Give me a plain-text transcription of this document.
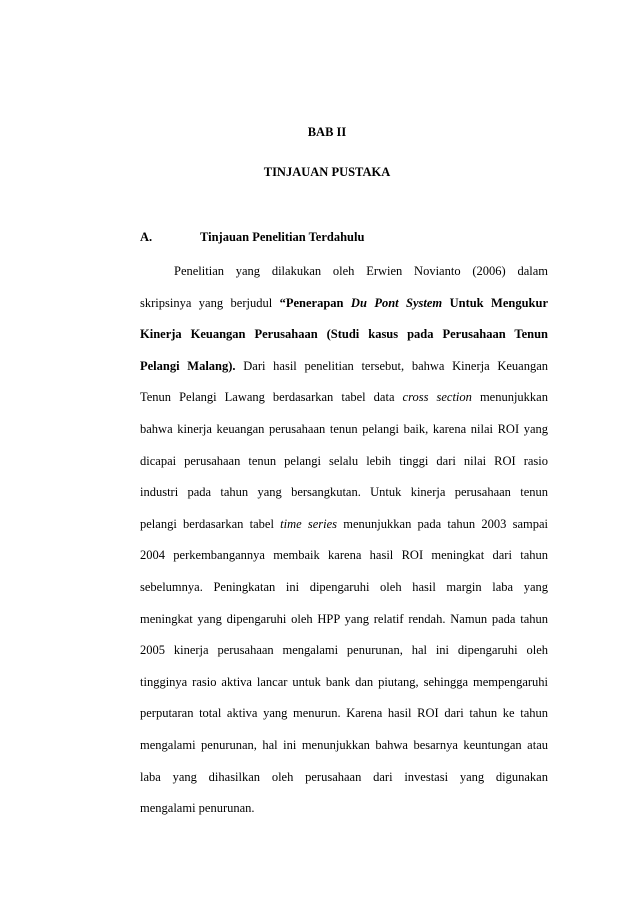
BAB II
TINJAUAN PUSTAKA
A.	Tinjauan Penelitian Terdahulu
Penelitian yang dilakukan oleh Erwien Novianto (2006) dalam
skripsinya yang berjudul “Penerapan Du Pont System Untuk Mengukur
Kinerja Keuangan Perusahaan (Studi kasus pada Perusahaan Tenun
Pelangi Malang). Dari hasil penelitian tersebut, bahwa Kinerja Keuangan
Tenun Pelangi Lawang berdasarkan tabel data cross section menunjukkan
bahwa kinerja keuangan perusahaan tenun pelangi baik, karena nilai ROI yang
dicapai perusahaan tenun pelangi selalu lebih tinggi dari nilai ROI rasio
industri pada tahun yang bersangkutan. Untuk kinerja perusahaan tenun
pelangi berdasarkan tabel time series menunjukkan pada tahun 2003 sampai
2004 perkembangannya membaik karena hasil ROI meningkat dari tahun
sebelumnya. Peningkatan ini dipengaruhi oleh hasil margin laba yang
meningkat yang dipengaruhi oleh HPP yang relatif rendah. Namun pada tahun
2005 kinerja perusahaan mengalami penurunan, hal ini dipengaruhi oleh
tingginya rasio aktiva lancar untuk bank dan piutang, sehingga mempengaruhi
perputaran total aktiva yang menurun. Karena hasil ROI dari tahun ke tahun
mengalami penurunan, hal ini menunjukkan bahwa besarnya keuntungan atau
laba yang dihasilkan oleh perusahaan dari investasi yang digunakan
mengalami penurunan.
